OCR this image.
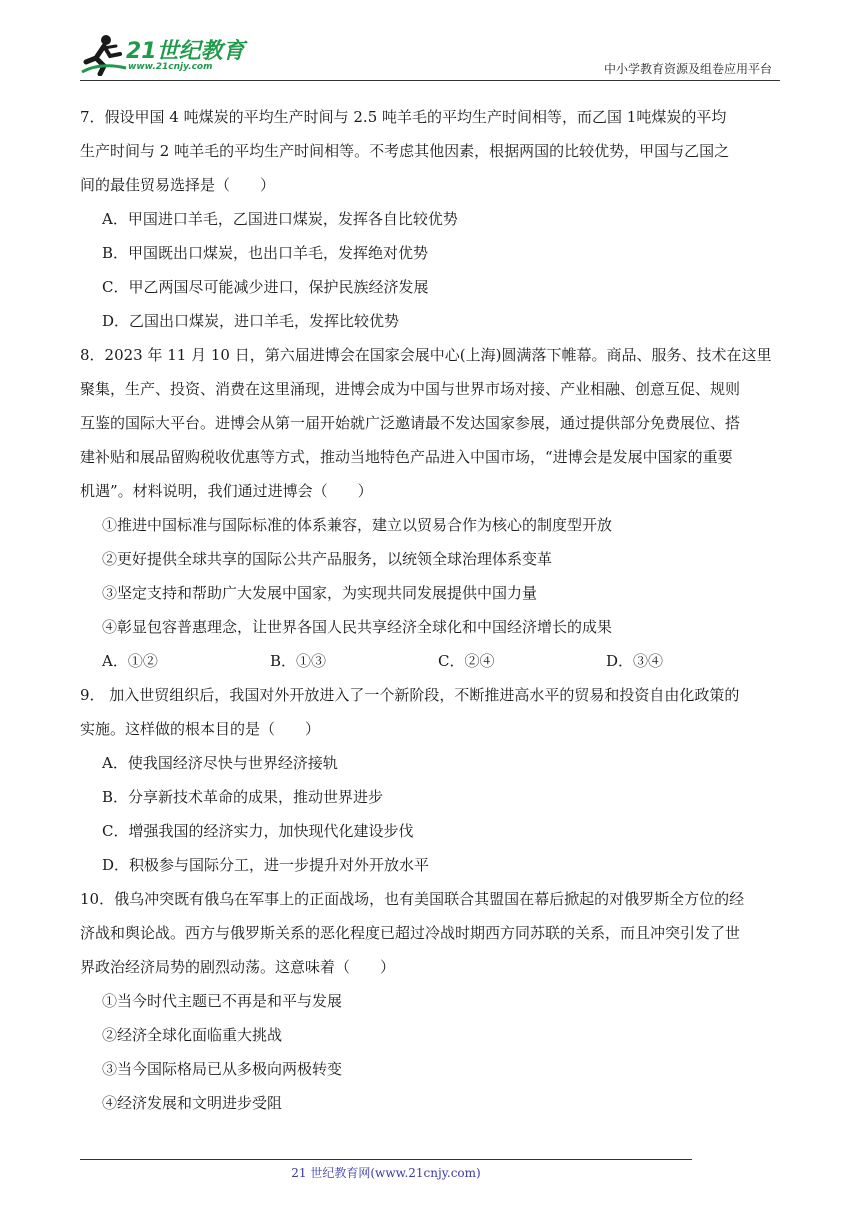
21世纪教育
www.21cnjy.com	中小学教育资源及组卷应用平台
7．假设甲国 4 吨煤炭的平均生产时间与 2.5 吨羊毛的平均生产时间相等，而乙国 1吨煤炭的平均
生产时间与 2 吨羊毛的平均生产时间相等。不考虑其他因素，根据两国的比较优势，甲国与乙国之
间的最佳贸易选择是（　　）
A．甲国进口羊毛，乙国进口煤炭，发挥各自比较优势
B．甲国既出口煤炭，也出口羊毛，发挥绝对优势
C．甲乙两国尽可能减少进口，保护民族经济发展
D．乙国出口煤炭，进口羊毛，发挥比较优势
8．2023 年 11 月 10 日，第六届进博会在国家会展中心(上海)圆满落下帷幕。商品、服务、技术在这里
聚集，生产、投资、消费在这里涌现，进博会成为中国与世界市场对接、产业相融、创意互促、规则
互鉴的国际大平台。进博会从第一届开始就广泛邀请最不发达国家参展，通过提供部分免费展位、搭
建补贴和展品留购税收优惠等方式，推动当地特色产品进入中国市场，“进博会是发展中国家的重要
机遇”。材料说明，我们通过进博会（　　）
①推进中国标准与国际标准的体系兼容，建立以贸易合作为核心的制度型开放
②更好提供全球共享的国际公共产品服务，以统领全球治理体系变革
③坚定支持和帮助广大发展中国家，为实现共同发展提供中国力量
④彰显包容普惠理念，让世界各国人民共享经济全球化和中国经济增长的成果
A．①②	B．①③	C．②④	D．③④
9． 加入世贸组织后，我国对外开放进入了一个新阶段，不断推进高水平的贸易和投资自由化政策的
实施。这样做的根本目的是（　　）
A．使我国经济尽快与世界经济接轨
B．分享新技术革命的成果，推动世界进步
C．增强我国的经济实力，加快现代化建设步伐
D．积极参与国际分工，进一步提升对外开放水平
10．俄乌冲突既有俄乌在军事上的正面战场，也有美国联合其盟国在幕后掀起的对俄罗斯全方位的经
济战和舆论战。西方与俄罗斯关系的恶化程度已超过冷战时期西方同苏联的关系，而且冲突引发了世
界政治经济局势的剧烈动荡。这意味着（　　）
①当今时代主题已不再是和平与发展
②经济全球化面临重大挑战
③当今国际格局已从多极向两极转变
④经济发展和文明进步受阻
21 世纪教育网(www.21cnjy.com)
